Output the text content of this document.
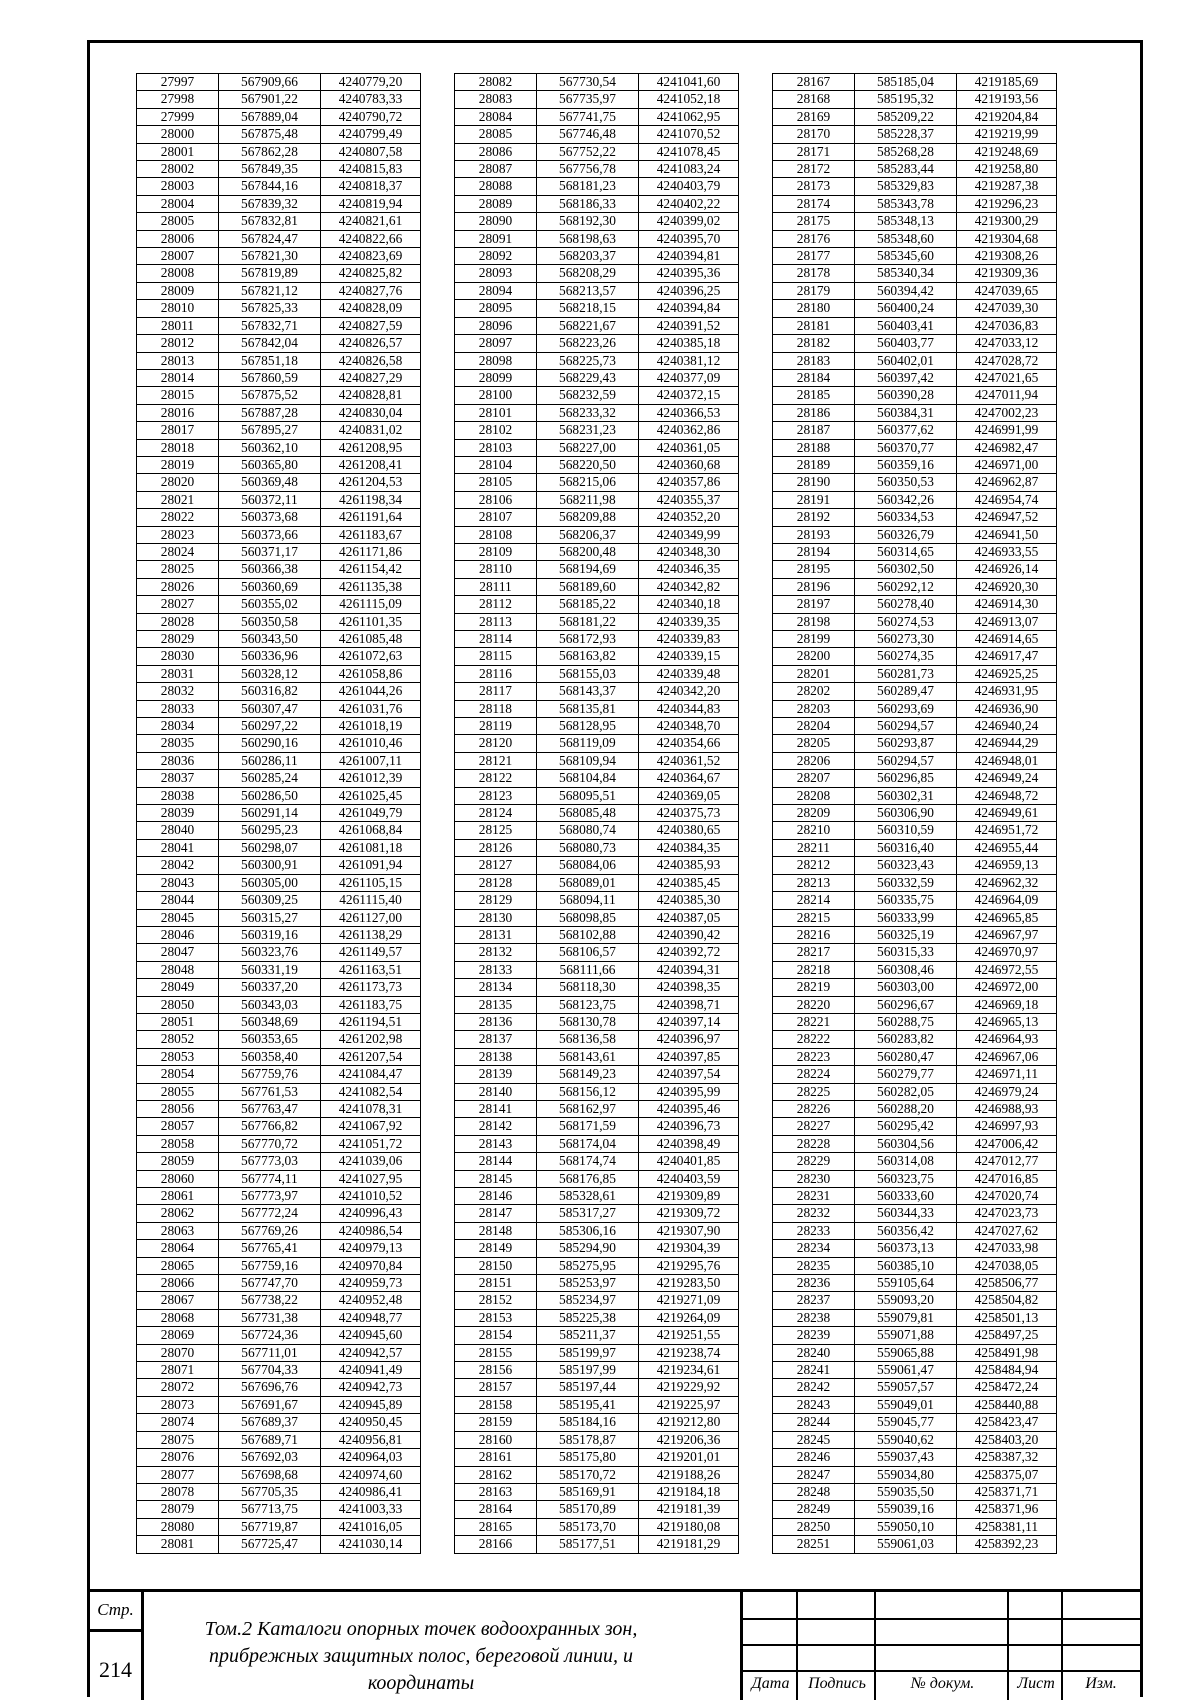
27997	567909,66	4240779,20
27998	567901,22	4240783,33
27999	567889,04	4240790,72
28000	567875,48	4240799,49
28001	567862,28	4240807,58
28002	567849,35	4240815,83
28003	567844,16	4240818,37
28004	567839,32	4240819,94
28005	567832,81	4240821,61
28006	567824,47	4240822,66
28007	567821,30	4240823,69
28008	567819,89	4240825,82
28009	567821,12	4240827,76
28010	567825,33	4240828,09
28011	567832,71	4240827,59
28012	567842,04	4240826,57
28013	567851,18	4240826,58
28014	567860,59	4240827,29
28015	567875,52	4240828,81
28016	567887,28	4240830,04
28017	567895,27	4240831,02
28018	560362,10	4261208,95
28019	560365,80	4261208,41
28020	560369,48	4261204,53
28021	560372,11	4261198,34
28022	560373,68	4261191,64
28023	560373,66	4261183,67
28024	560371,17	4261171,86
28025	560366,38	4261154,42
28026	560360,69	4261135,38
28027	560355,02	4261115,09
28028	560350,58	4261101,35
28029	560343,50	4261085,48
28030	560336,96	4261072,63
28031	560328,12	4261058,86
28032	560316,82	4261044,26
28033	560307,47	4261031,76
28034	560297,22	4261018,19
28035	560290,16	4261010,46
28036	560286,11	4261007,11
28037	560285,24	4261012,39
28038	560286,50	4261025,45
28039	560291,14	4261049,79
28040	560295,23	4261068,84
28041	560298,07	4261081,18
28042	560300,91	4261091,94
28043	560305,00	4261105,15
28044	560309,25	4261115,40
28045	560315,27	4261127,00
28046	560319,16	4261138,29
28047	560323,76	4261149,57
28048	560331,19	4261163,51
28049	560337,20	4261173,73
28050	560343,03	4261183,75
28051	560348,69	4261194,51
28052	560353,65	4261202,98
28053	560358,40	4261207,54
28054	567759,76	4241084,47
28055	567761,53	4241082,54
28056	567763,47	4241078,31
28057	567766,82	4241067,92
28058	567770,72	4241051,72
28059	567773,03	4241039,06
28060	567774,11	4241027,95
28061	567773,97	4241010,52
28062	567772,24	4240996,43
28063	567769,26	4240986,54
28064	567765,41	4240979,13
28065	567759,16	4240970,84
28066	567747,70	4240959,73
28067	567738,22	4240952,48
28068	567731,38	4240948,77
28069	567724,36	4240945,60
28070	567711,01	4240942,57
28071	567704,33	4240941,49
28072	567696,76	4240942,73
28073	567691,67	4240945,89
28074	567689,37	4240950,45
28075	567689,71	4240956,81
28076	567692,03	4240964,03
28077	567698,68	4240974,60
28078	567705,35	4240986,41
28079	567713,75	4241003,33
28080	567719,87	4241016,05
28081	567725,47	4241030,14
28082	567730,54	4241041,60
28083	567735,97	4241052,18
28084	567741,75	4241062,95
28085	567746,48	4241070,52
28086	567752,22	4241078,45
28087	567756,78	4241083,24
28088	568181,23	4240403,79
28089	568186,33	4240402,22
28090	568192,30	4240399,02
28091	568198,63	4240395,70
28092	568203,37	4240394,81
28093	568208,29	4240395,36
28094	568213,57	4240396,25
28095	568218,15	4240394,84
28096	568221,67	4240391,52
28097	568223,26	4240385,18
28098	568225,73	4240381,12
28099	568229,43	4240377,09
28100	568232,59	4240372,15
28101	568233,32	4240366,53
28102	568231,23	4240362,86
28103	568227,00	4240361,05
28104	568220,50	4240360,68
28105	568215,06	4240357,86
28106	568211,98	4240355,37
28107	568209,88	4240352,20
28108	568206,37	4240349,99
28109	568200,48	4240348,30
28110	568194,69	4240346,35
28111	568189,60	4240342,82
28112	568185,22	4240340,18
28113	568181,22	4240339,35
28114	568172,93	4240339,83
28115	568163,82	4240339,15
28116	568155,03	4240339,48
28117	568143,37	4240342,20
28118	568135,81	4240344,83
28119	568128,95	4240348,70
28120	568119,09	4240354,66
28121	568109,94	4240361,52
28122	568104,84	4240364,67
28123	568095,51	4240369,05
28124	568085,48	4240375,73
28125	568080,74	4240380,65
28126	568080,73	4240384,35
28127	568084,06	4240385,93
28128	568089,01	4240385,45
28129	568094,11	4240385,30
28130	568098,85	4240387,05
28131	568102,88	4240390,42
28132	568106,57	4240392,72
28133	568111,66	4240394,31
28134	568118,30	4240398,35
28135	568123,75	4240398,71
28136	568130,78	4240397,14
28137	568136,58	4240396,97
28138	568143,61	4240397,85
28139	568149,23	4240397,54
28140	568156,12	4240395,99
28141	568162,97	4240395,46
28142	568171,59	4240396,73
28143	568174,04	4240398,49
28144	568174,74	4240401,85
28145	568176,85	4240403,59
28146	585328,61	4219309,89
28147	585317,27	4219309,72
28148	585306,16	4219307,90
28149	585294,90	4219304,39
28150	585275,95	4219295,76
28151	585253,97	4219283,50
28152	585234,97	4219271,09
28153	585225,38	4219264,09
28154	585211,37	4219251,55
28155	585199,97	4219238,74
28156	585197,99	4219234,61
28157	585197,44	4219229,92
28158	585195,41	4219225,97
28159	585184,16	4219212,80
28160	585178,87	4219206,36
28161	585175,80	4219201,01
28162	585170,72	4219188,26
28163	585169,91	4219184,18
28164	585170,89	4219181,39
28165	585173,70	4219180,08
28166	585177,51	4219181,29
28167	585185,04	4219185,69
28168	585195,32	4219193,56
28169	585209,22	4219204,84
28170	585228,37	4219219,99
28171	585268,28	4219248,69
28172	585283,44	4219258,80
28173	585329,83	4219287,38
28174	585343,78	4219296,23
28175	585348,13	4219300,29
28176	585348,60	4219304,68
28177	585345,60	4219308,26
28178	585340,34	4219309,36
28179	560394,42	4247039,65
28180	560400,24	4247039,30
28181	560403,41	4247036,83
28182	560403,77	4247033,12
28183	560402,01	4247028,72
28184	560397,42	4247021,65
28185	560390,28	4247011,94
28186	560384,31	4247002,23
28187	560377,62	4246991,99
28188	560370,77	4246982,47
28189	560359,16	4246971,00
28190	560350,53	4246962,87
28191	560342,26	4246954,74
28192	560334,53	4246947,52
28193	560326,79	4246941,50
28194	560314,65	4246933,55
28195	560302,50	4246926,14
28196	560292,12	4246920,30
28197	560278,40	4246914,30
28198	560274,53	4246913,07
28199	560273,30	4246914,65
28200	560274,35	4246917,47
28201	560281,73	4246925,25
28202	560289,47	4246931,95
28203	560293,69	4246936,90
28204	560294,57	4246940,24
28205	560293,87	4246944,29
28206	560294,57	4246948,01
28207	560296,85	4246949,24
28208	560302,31	4246948,72
28209	560306,90	4246949,61
28210	560310,59	4246951,72
28211	560316,40	4246955,44
28212	560323,43	4246959,13
28213	560332,59	4246962,32
28214	560335,75	4246964,09
28215	560333,99	4246965,85
28216	560325,19	4246967,97
28217	560315,33	4246970,97
28218	560308,46	4246972,55
28219	560303,00	4246972,00
28220	560296,67	4246969,18
28221	560288,75	4246965,13
28222	560283,82	4246964,93
28223	560280,47	4246967,06
28224	560279,77	4246971,11
28225	560282,05	4246979,24
28226	560288,20	4246988,93
28227	560295,42	4246997,93
28228	560304,56	4247006,42
28229	560314,08	4247012,77
28230	560323,75	4247016,85
28231	560333,60	4247020,74
28232	560344,33	4247023,73
28233	560356,42	4247027,62
28234	560373,13	4247033,98
28235	560385,10	4247038,05
28236	559105,64	4258506,77
28237	559093,20	4258504,82
28238	559079,81	4258501,13
28239	559071,88	4258497,25
28240	559065,88	4258491,98
28241	559061,47	4258484,94
28242	559057,57	4258472,24
28243	559049,01	4258440,88
28244	559045,77	4258423,47
28245	559040,62	4258403,20
28246	559037,43	4258387,32
28247	559034,80	4258375,07
28248	559035,50	4258371,71
28249	559039,16	4258371,96
28250	559050,10	4258381,11
28251	559061,03	4258392,23
Стр.
214
Том.2 Каталоги опорных точек водоохранных зон, прибрежных защитных полос, береговой линии, и координаты	Дата	Подпись	№ докум.	Лист	Изм.
